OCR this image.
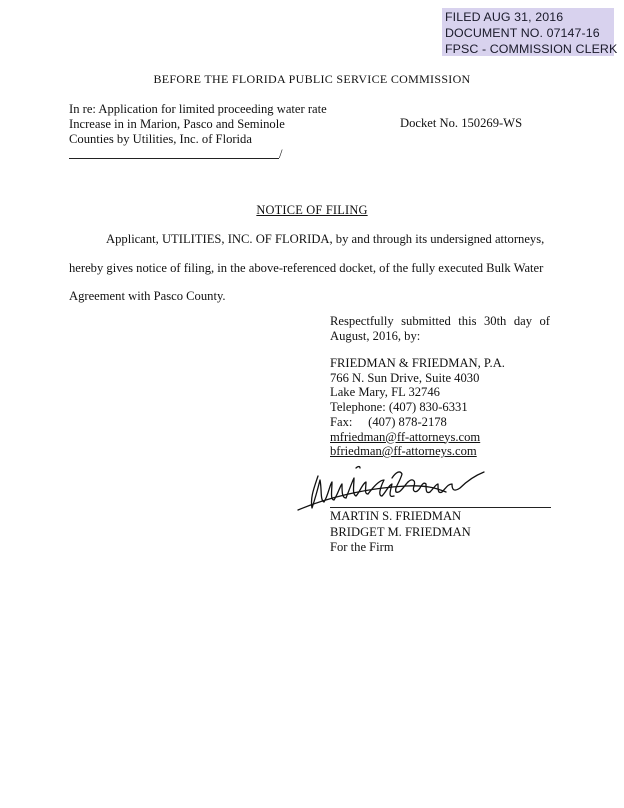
FILED AUG 31, 2016
DOCUMENT NO. 07147-16
FPSC - COMMISSION CLERK
BEFORE THE FLORIDA PUBLIC SERVICE COMMISSION
In re: Application for limited proceeding water rate
Increase in in Marion, Pasco and Seminole
Counties by Utilities, Inc. of Florida
Docket No. 150269-WS
/
NOTICE OF FILING
Applicant, UTILITIES, INC. OF FLORIDA, by and through its undersigned attorneys,
hereby gives notice of filing, in the above-referenced docket, of the fully executed Bulk Water
Agreement with Pasco County.
Respectfully submitted this 30th day of
August, 2016, by:
FRIEDMAN & FRIEDMAN, P.A.
766 N. Sun Drive, Suite 4030
Lake Mary, FL 32746
Telephone: (407) 830-6331
Fax:     (407) 878-2178
mfriedman@ff-attorneys.com
bfriedman@ff-attorneys.com
MARTIN S. FRIEDMAN
BRIDGET M. FRIEDMAN
For the Firm
